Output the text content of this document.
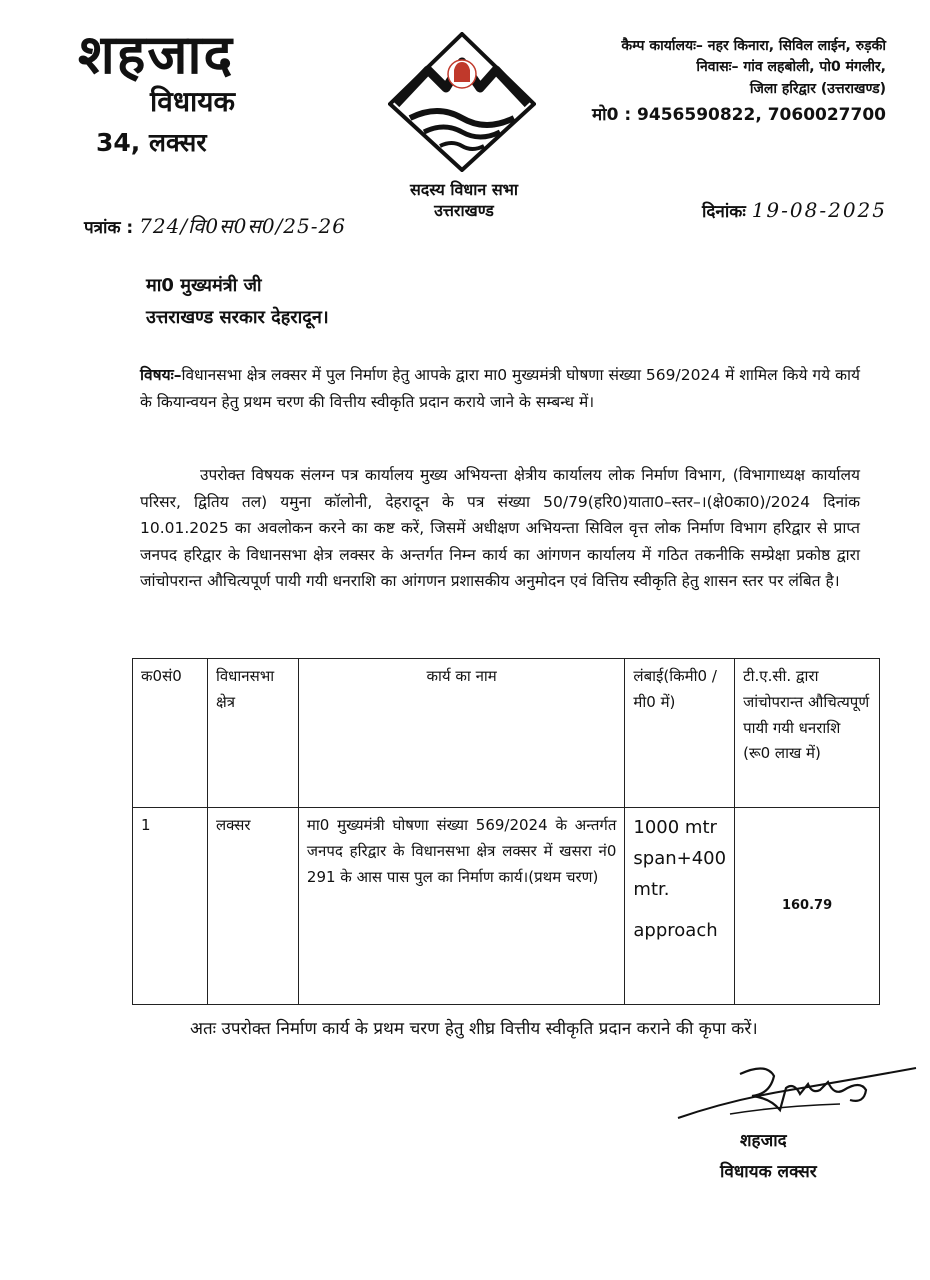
शहजाद
विधायक
34, लक्सर
सदस्य विधान सभा
उत्तराखण्ड
कैम्प कार्यालयः– नहर किनारा, सिविल लाईन, रुड़की
निवासः– गांव लहबोली, पो0 मंगलीर,
जिला हरिद्वार (उत्तराखण्ड)
मो0 : 9456590822, 7060027700
पत्रांक : 724/वि0स0स0/25-26
दिनांकः 19-08-2025
मा0 मुख्यमंत्री जी
उत्तराखण्ड सरकार देहरादून।
विषयः–विधानसभा क्षेत्र लक्सर में पुल निर्माण हेतु आपके द्वारा मा0 मुख्यमंत्री घोषणा संख्या 569/2024 में शामिल किये गये कार्य के कियान्वयन हेतु प्रथम चरण की वित्तीय स्वीकृति प्रदान कराये जाने के सम्बन्ध में।
उपरोक्त विषयक संलग्न पत्र कार्यालय मुख्य अभियन्ता क्षेत्रीय कार्यालय लोक निर्माण विभाग, (विभागाध्यक्ष कार्यालय परिसर, द्वितिय तल) यमुना कॉलोनी, देहरादून के पत्र संख्या 50/79(हरि0)याता0–स्तर–।(क्षे0का0)/2024 दिनांक 10.01.2025 का अवलोकन करने का कष्ट करें, जिसमें अधीक्षण अभियन्ता सिविल वृत्त लोक निर्माण विभाग हरिद्वार से प्राप्त जनपद हरिद्वार के विधानसभा क्षेत्र लक्सर के अन्तर्गत निम्न कार्य का आंगणन कार्यालय में गठित तकनीकि सम्प्रेक्षा प्रकोष्ठ द्वारा जांचोपरान्त औचित्यपूर्ण पायी गयी धनराशि का आंगणन प्रशासकीय अनुमोदन एवं वित्तिय स्वीकृति हेतु शासन स्तर पर लंबित है।
क0सं0	विधानसभा क्षेत्र	कार्य का नाम	लंबाई(किमी0 /मी0 में)	टी.ए.सी. द्वारा जांचोपरान्त औचित्यपूर्ण पायी गयी धनराशि (रू0 लाख में)
1	लक्सर	मा0 मुख्यमंत्री घोषणा संख्या 569/2024 के अन्तर्गत जनपद हरिद्वार के विधानसभा क्षेत्र लक्सर में खसरा नं0 291 के आस पास पुल का निर्माण कार्य।(प्रथम चरण)	1000 mtr
span+400
mtr.
approach	160.79
अतः उपरोक्त निर्माण कार्य के प्रथम चरण हेतु शीघ्र वित्तीय स्वीकृति प्रदान कराने की कृपा करें।
शहजाद
विधायक लक्सर
